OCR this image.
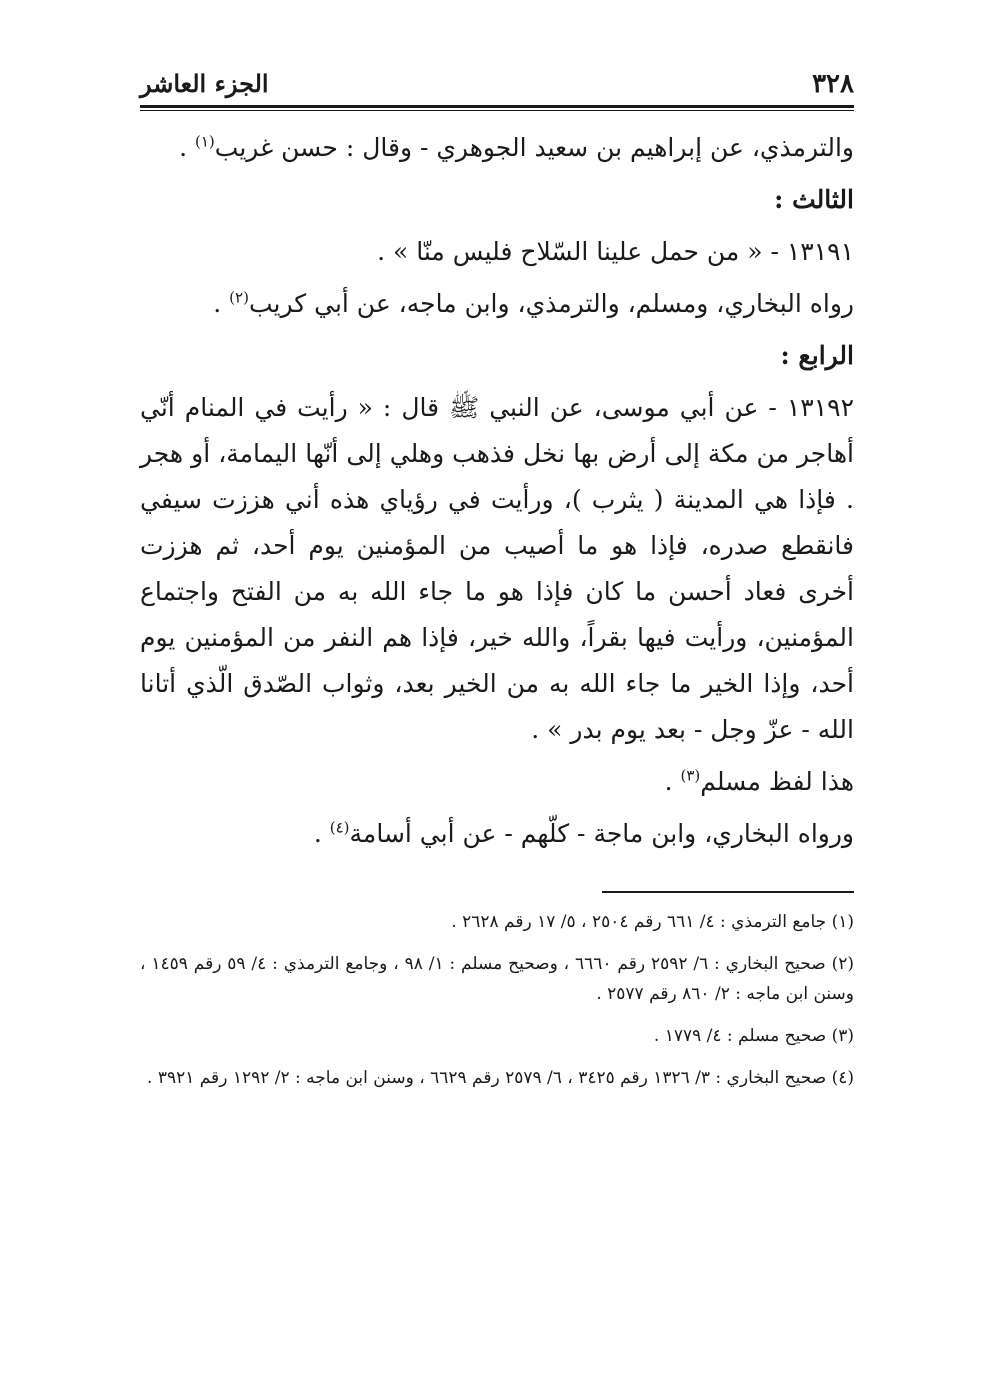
٣٢٨
الجزء العاشر

والترمذي، عن إبراهيم بن سعيد الجوهري - وقال : حسن غريب$^{(١)}$ .

الثالث :

١٣١٩١ - « من حمل علينا السّلاح فليس منّا » .

رواه البخاري، ومسلم، والترمذي، وابن ماجه، عن أبي كريب$^{(٢)}$ .

الرابع :

١٣١٩٢ - عن أبي موسى، عن النبي ﷺ قال : « رأيت في المنام أنّي أهاجر من مكة إلى أرض بها نخل فذهب وهلي إلى أنّها اليمامة، أو هجر . فإذا هي المدينة ( يثرب )، ورأيت في رؤياي هذه أني هززت سيفي فانقطع صدره، فإذا هو ما أصيب من المؤمنين يوم أحد، ثم هززت أخرى فعاد أحسن ما كان فإذا هو ما جاء الله به من الفتح واجتماع المؤمنين، ورأيت فيها بقراً، والله خير، فإذا هم النفر من المؤمنين يوم أحد، وإذا الخير ما جاء الله به من الخير بعد، وثواب الصّدق الّذي أتانا الله - عزّ وجل - بعد يوم بدر » .

هذا لفظ مسلم$^{(٣)}$ .

ورواه البخاري، وابن ماجة - كلّهم - عن أبي أسامة$^{(٤)}$ .

(١) جامع الترمذي : ٤/ ٦٦١ رقم ٢٥٠٤ ، ٥/ ١٧ رقم ٢٦٢٨ .

(٢) صحيح البخاري : ٦/ ٢٥٩٢ رقم ٦٦٦٠ ، وصحيح مسلم : ١/ ٩٨ ، وجامع الترمذي : ٤/ ٥٩ رقم ١٤٥٩ ، وسنن ابن ماجه : ٢/ ٨٦٠ رقم ٢٥٧٧ .

(٣) صحيح مسلم : ٤/ ١٧٧٩ .

(٤) صحيح البخاري : ٣/ ١٣٢٦ رقم ٣٤٢٥ ، ٦/ ٢٥٧٩ رقم ٦٦٢٩ ، وسنن ابن ماجه : ٢/ ١٢٩٢ رقم ٣٩٢١ .
